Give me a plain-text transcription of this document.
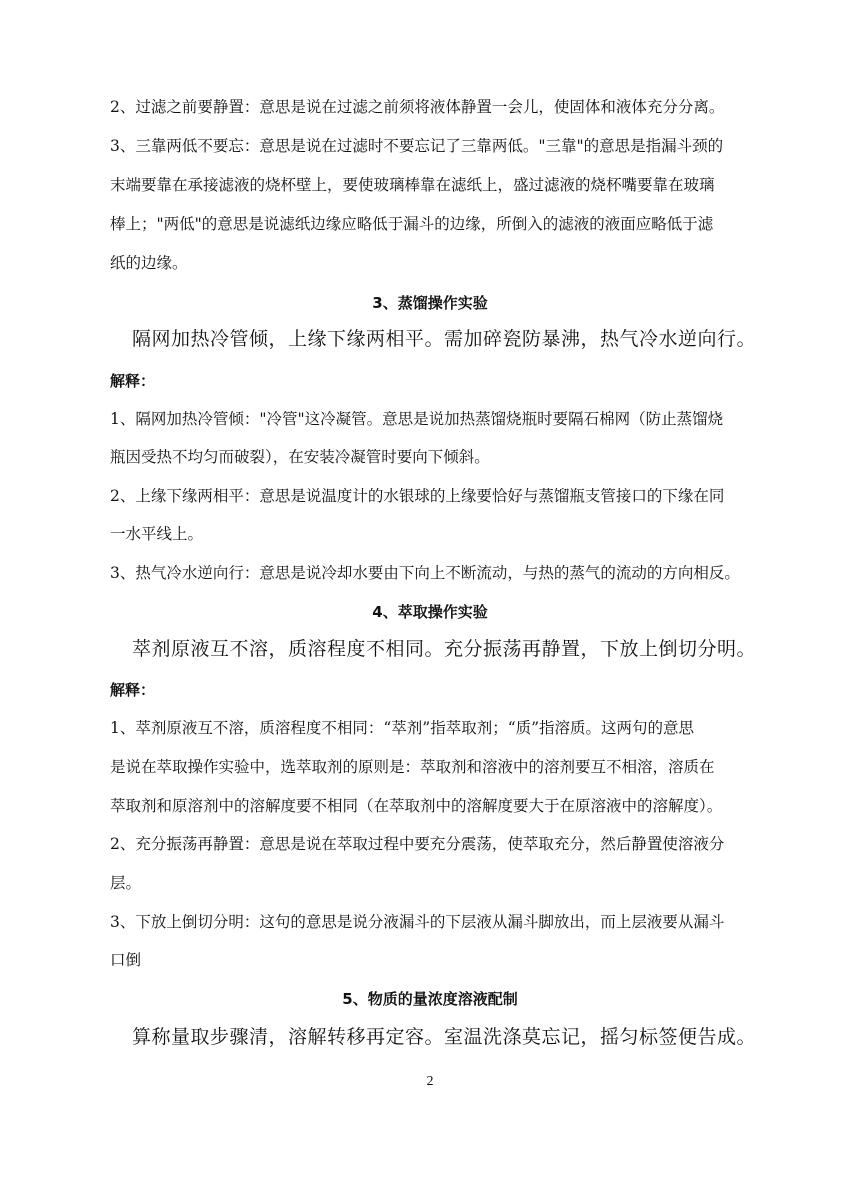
2、过滤之前要静置：意思是说在过滤之前须将液体静置一会儿，使固体和液体充分分离。
3、三靠两低不要忘：意思是说在过滤时不要忘记了三靠两低。"三靠"的意思是指漏斗颈的
末端要靠在承接滤液的烧杯壁上，要使玻璃棒靠在滤纸上，盛过滤液的烧杯嘴要靠在玻璃
棒上；"两低"的意思是说滤纸边缘应略低于漏斗的边缘，所倒入的滤液的液面应略低于滤
纸的边缘。
3、蒸馏操作实验
隔网加热冷管倾，上缘下缘两相平。需加碎瓷防暴沸，热气冷水逆向行。
解释：
1、隔网加热冷管倾："冷管"这冷凝管。意思是说加热蒸馏烧瓶时要隔石棉网（防止蒸馏烧
瓶因受热不均匀而破裂），在安装冷凝管时要向下倾斜。
2、上缘下缘两相平：意思是说温度计的水银球的上缘要恰好与蒸馏瓶支管接口的下缘在同
一水平线上。
3、热气冷水逆向行：意思是说冷却水要由下向上不断流动，与热的蒸气的流动的方向相反。
4、萃取操作实验
萃剂原液互不溶，质溶程度不相同。充分振荡再静置，下放上倒切分明。
解释：
1、萃剂原液互不溶，质溶程度不相同：“萃剂”指萃取剂；“质”指溶质。这两句的意思
是说在萃取操作实验中，选萃取剂的原则是：萃取剂和溶液中的溶剂要互不相溶，溶质在
萃取剂和原溶剂中的溶解度要不相同（在萃取剂中的溶解度要大于在原溶液中的溶解度）。
2、充分振荡再静置：意思是说在萃取过程中要充分震荡，使萃取充分，然后静置使溶液分
层。
3、下放上倒切分明：这句的意思是说分液漏斗的下层液从漏斗脚放出，而上层液要从漏斗
口倒
5、物质的量浓度溶液配制
算称量取步骤清，溶解转移再定容。室温洗涤莫忘记，摇匀标签便告成。
2
